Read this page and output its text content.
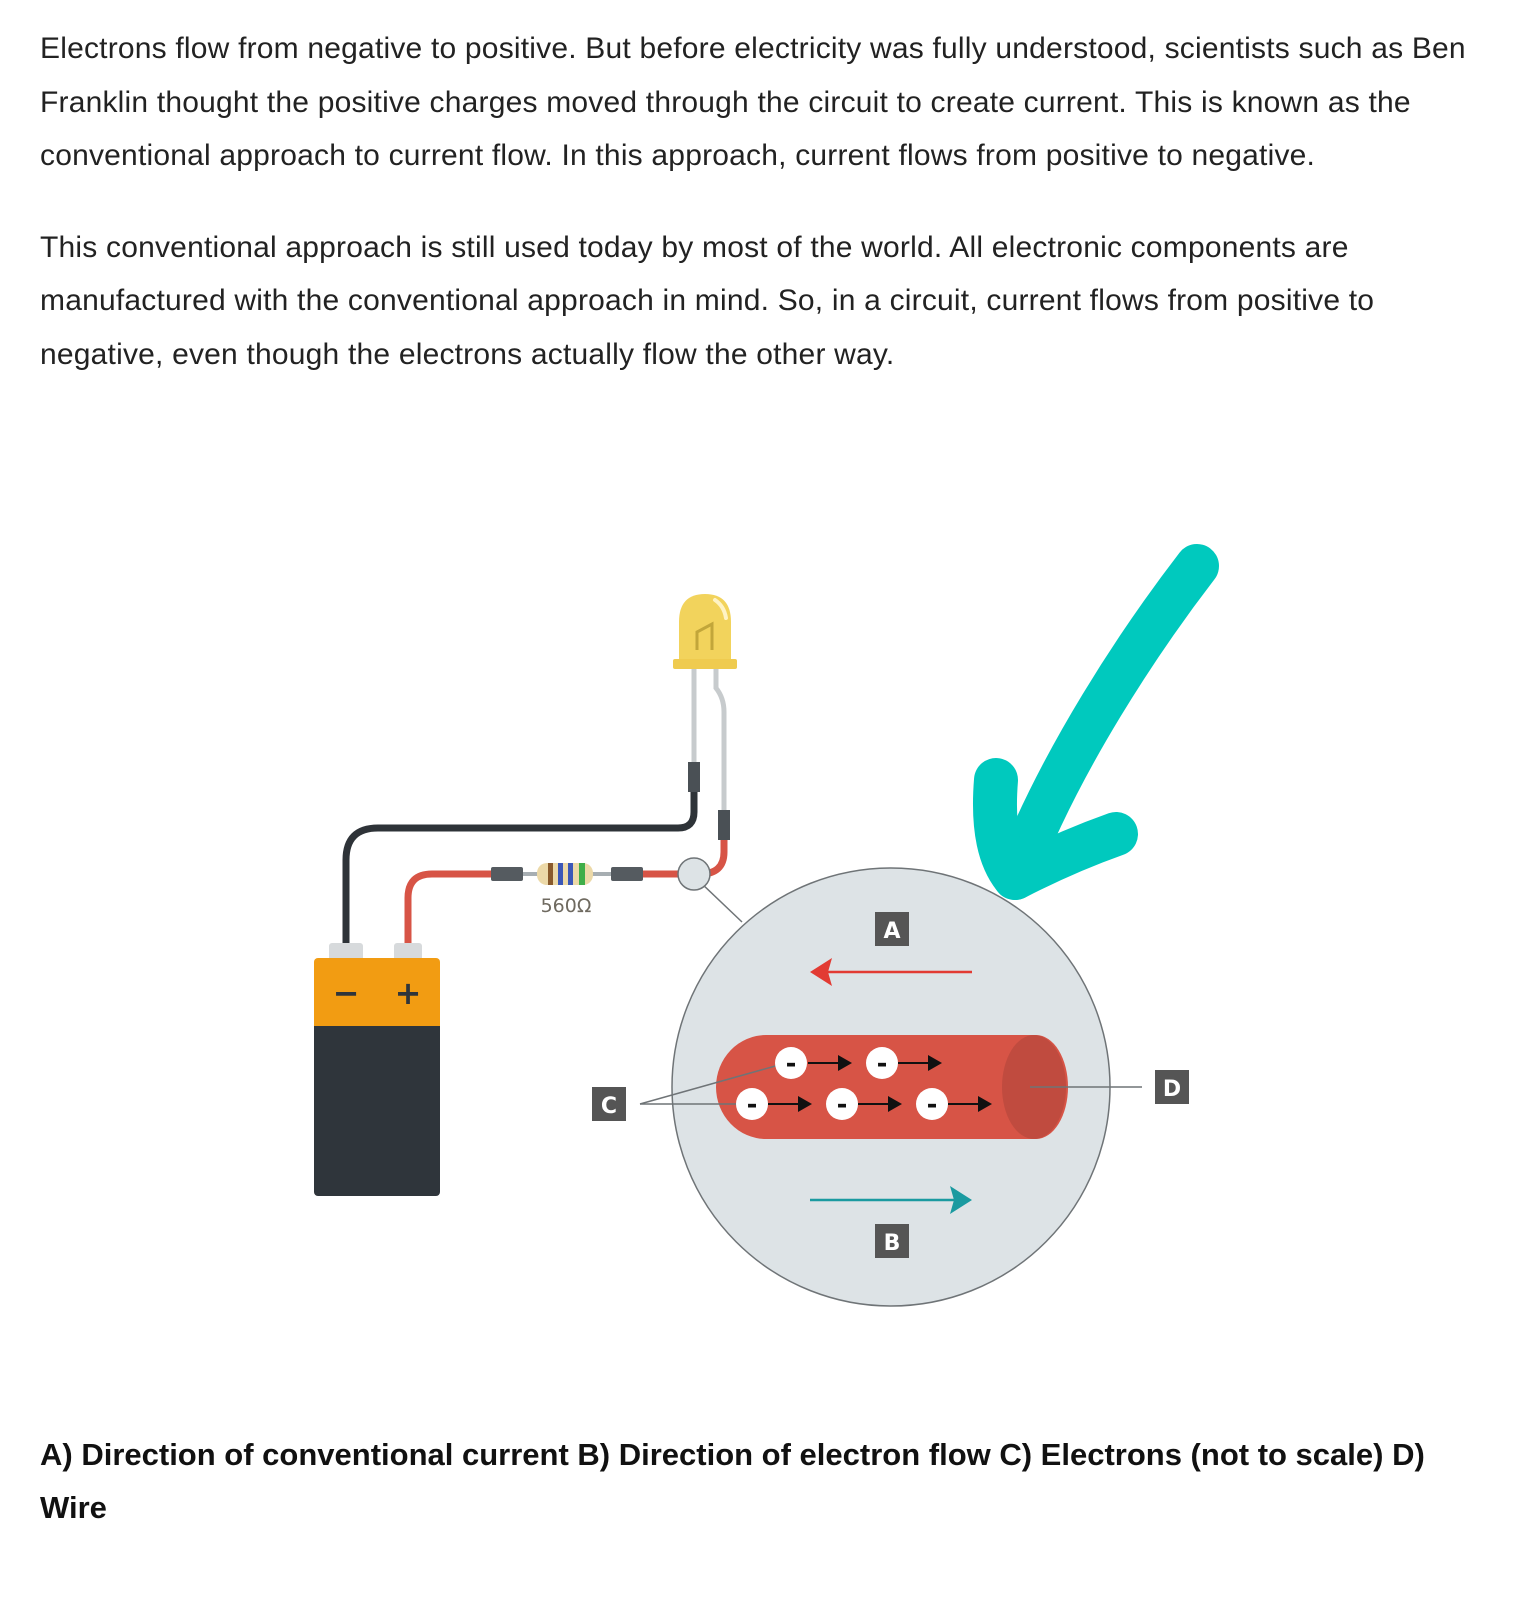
Electrons flow from negative to positive. But before electricity was fully understood, scientists such as Ben Franklin thought the positive charges moved through the circuit to create current. This is known as the conventional approach to current flow. In this approach, current flows from positive to negative.

This conventional approach is still used today by most of the world. All electronic components are manufactured with the conventional approach in mind. So, in a circuit, current flows from positive to negative, even though the electrons actually flow the other way.

560Ω
− +
-	-
-	-	-
A
B
C
D

A) Direction of conventional current B) Direction of electron flow C) Electrons (not to scale) D) Wire
